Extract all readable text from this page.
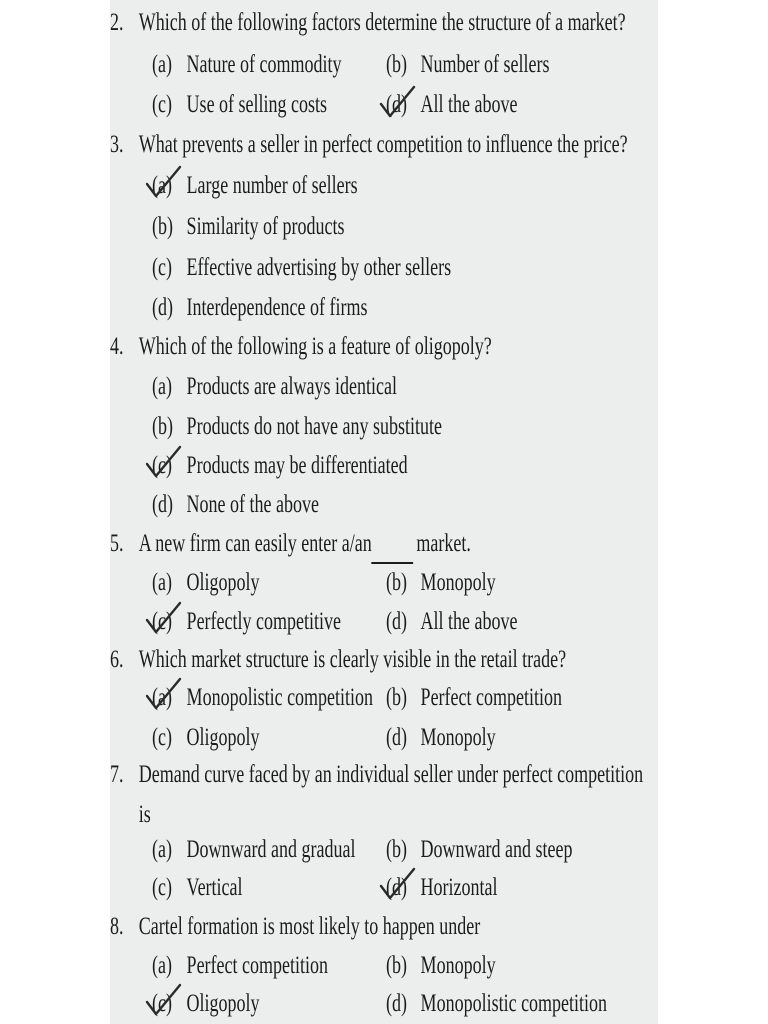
2. Which of the following factors determine the structure of a market?
(a) Nature of commodity (b) Number of sellers
(c) Use of selling costs (d) All the above
3. What prevents a seller in perfect competition to influence the price?
(a) Large number of sellers
(b) Similarity of products
(c) Effective advertising by other sellers
(d) Interdependence of firms
4. Which of the following is a feature of oligopoly?
(a) Products are always identical
(b) Products do not have any substitute
(c) Products may be differentiated
(d) None of the above
5. A new firm can easily enter a/an market.
(a) Oligopoly	(b) Monopoly
(c) Perfectly competitive (d) All the above
6. Which market structure is clearly visible in the retail trade?
(a) Monopolistic competition (b) Perfect competition
(c) Oligopoly	(d) Monopoly
7. Demand curve faced by an individual seller under perfect competition
is
(a) Downward and gradual (b) Downward and steep
(c) Vertical	(d) Horizontal
8. Cartel formation is most likely to happen under
(a) Perfect competition (b) Monopoly
(c) Oligopoly	(d) Monopolistic competition
